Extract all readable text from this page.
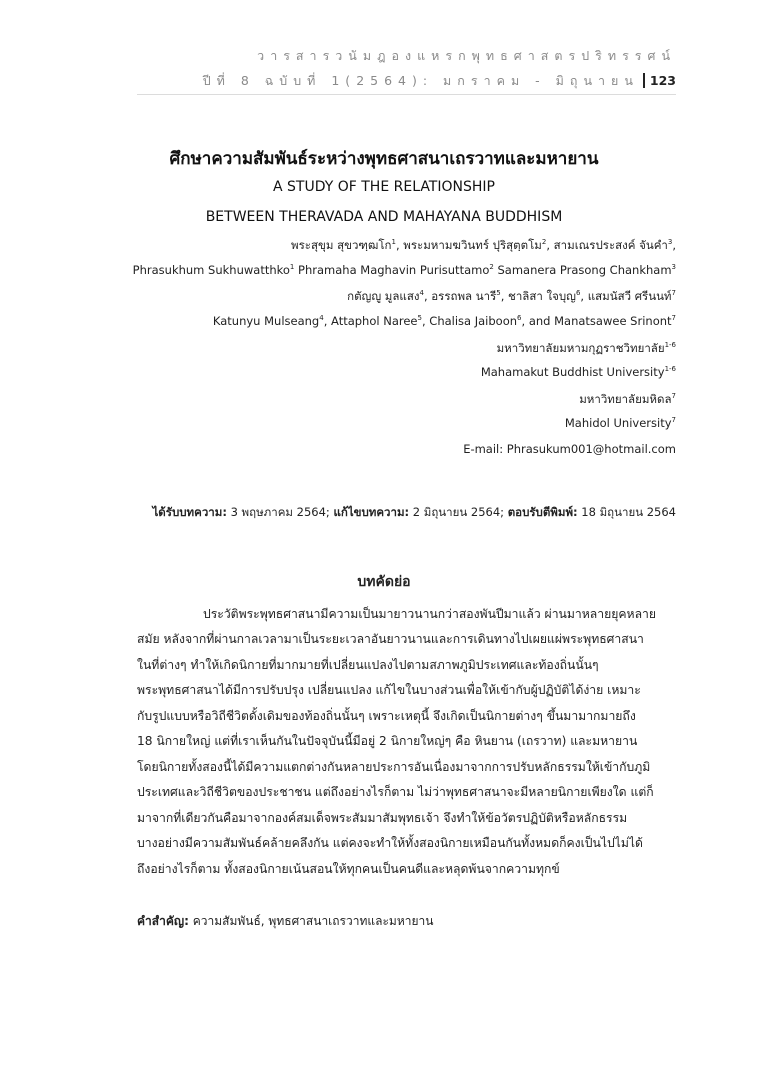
วารสารวนัมฎองแหรกพุทธศาสตรปริทรรศน์
ปีที่ 8 ฉบับที่ 1(2564): มกราคม - มิถุนายน 123
ศึกษาความสัมพันธ์ระหว่างพุทธศาสนาเถรวาทและมหายาน
A STUDY OF THE RELATIONSHIP
BETWEEN THERAVADA AND MAHAYANA BUDDHISM
พระสุขุม สุขวฑฺฒโก$^1$, พระมหามฆวินทร์ ปุริสุตฺตโม$^2$, สามเณรประสงค์ จันคำ$^3$,
Phrasukhum Sukhuwatthko$^1$ Phramaha Maghavin Purisuttamo$^2$ Samanera Prasong Chankham$^3$
กตัญญู มูลแสง$^4$, อรรถพล นารี$^5$, ชาลิสา ใจบุญ$^6$, แสมนัสวี ศรีนนท์$^7$
Katunyu Mulseang$^4$, Attaphol Naree$^5$, Chalisa Jaiboon$^6$, and Manatsawee Srinont$^7$
มหาวิทยาลัยมหามกุฏราชวิทยาลัย$^{1-6}$
Mahamakut Buddhist University$^{1-6}$
มหาวิทยาลัยมหิดล$^7$
Mahidol University$^7$
E-mail: Phrasukum001@hotmail.com
ได้รับบทความ: 3 พฤษภาคม 2564; แก้ไขบทความ: 2 มิถุนายน 2564; ตอบรับตีพิมพ์: 18 มิถุนายน 2564
บทคัดย่อ
ประวัติพระพุทธศาสนามีความเป็นมายาวนานกว่าสองพันปีมาแล้ว ผ่านมาหลายยุคหลาย
สมัย หลังจากที่ผ่านกาลเวลามาเป็นระยะเวลาอันยาวนานและการเดินทางไปเผยแผ่พระพุทธศาสนา
ในที่ต่างๆ ทำให้เกิดนิกายที่มากมายที่เปลี่ยนแปลงไปตามสภาพภูมิประเทศและท้องถิ่นนั้นๆ
พระพุทธศาสนาได้มีการปรับปรุง เปลี่ยนแปลง แก้ไขในบางส่วนเพื่อให้เข้ากับผู้ปฏิบัติได้ง่าย เหมาะ
กับรูปแบบหรือวิถีชีวิตดั้งเดิมของท้องถิ่นนั้นๆ เพราะเหตุนี้ จึงเกิดเป็นนิกายต่างๆ ขึ้นมามากมายถึง
18 นิกายใหญ่ แต่ที่เราเห็นกันในปัจจุบันนี้มีอยู่ 2 นิกายใหญ่ๆ คือ หินยาน (เถรวาท) และมหายาน
โดยนิกายทั้งสองนี้ได้มีความแตกต่างกันหลายประการอันเนื่องมาจากการปรับหลักธรรมให้เข้ากับภูมิ
ประเทศและวิถีชีวิตของประชาชน แต่ถึงอย่างไรก็ตาม ไม่ว่าพุทธศาสนาจะมีหลายนิกายเพียงใด แต่ก็
มาจากที่เดียวกันคือมาจากองค์สมเด็จพระสัมมาสัมพุทธเจ้า จึงทำให้ข้อวัตรปฏิบัติหรือหลักธรรม
บางอย่างมีความสัมพันธ์คล้ายคลึงกัน แต่คงจะทำให้ทั้งสองนิกายเหมือนกันทั้งหมดก็คงเป็นไปไม่ได้
ถึงอย่างไรก็ตาม ทั้งสองนิกายเน้นสอนให้ทุกคนเป็นคนดีและหลุดพ้นจากความทุกข์
คำสำคัญ: ความสัมพันธ์, พุทธศาสนาเถรวาทและมหายาน
